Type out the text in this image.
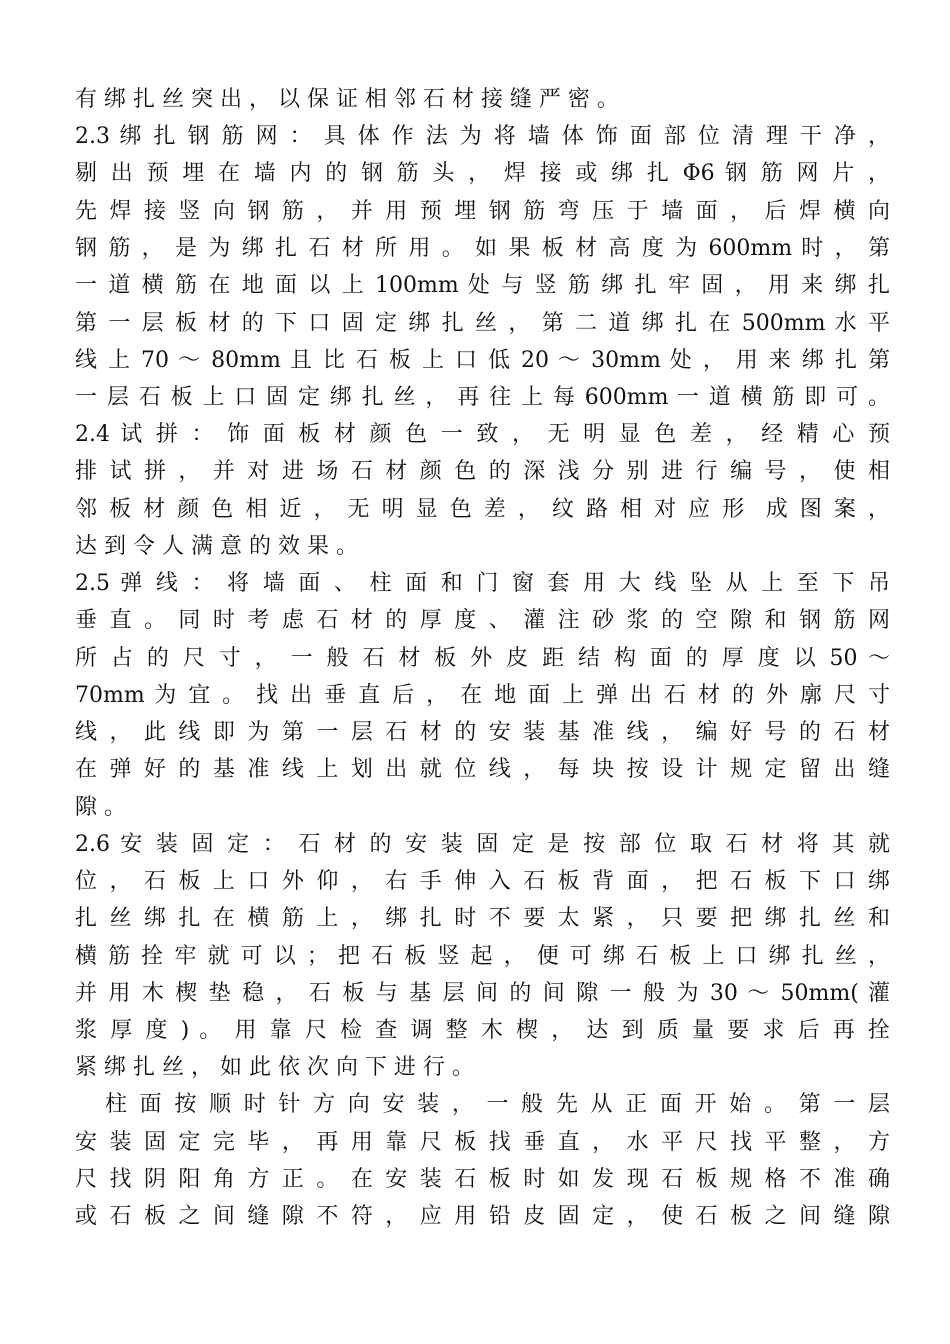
有 绑 扎 丝 突 出 ， 以 保 证 相 邻 石 材 接 缝 严 密 。
2.3 绑 扎 钢 筋 网 ： 具 体 作 法 为 将 墙 体 饰 面 部 位 清 理 干 净 ，
剔 出 预 埋 在 墙 内 的 钢 筋 头 ， 焊 接 或 绑 扎 Φ6 钢 筋 网 片 ，
先 焊 接 竖 向 钢 筋 ， 并 用 预 埋 钢 筋 弯 压 于 墙 面 ， 后 焊 横 向
钢 筋 ， 是 为 绑 扎 石 材 所 用 。 如 果 板 材 高 度 为 600mm 时 ， 第
一 道 横 筋 在 地 面 以 上 100mm 处 与 竖 筋 绑 扎 牢 固 ， 用 来 绑 扎
第 一 层 板 材 的 下 口 固 定 绑 扎 丝 ， 第 二 道 绑 扎 在 500mm 水 平
线 上 70 ～ 80mm 且 比 石 板 上 口 低 20 ～ 30mm 处 ， 用 来 绑 扎 第
一 层 石 板 上 口 固 定 绑 扎 丝 ， 再 往 上 每 600mm 一 道 横 筋 即 可 。
2.4 试 拼 ： 饰 面 板 材 颜 色 一 致 ， 无 明 显 色 差 ， 经 精 心 预
排 试 拼 ， 并 对 进 场 石 材 颜 色 的 深 浅 分 别 进 行 编 号 ， 使 相
邻 板 材 颜 色 相 近 ， 无 明 显 色 差 ， 纹 路 相 对 应 形  成 图 案 ，
达 到 令 人 满 意 的 效 果 。
2.5 弹 线 ： 将 墙 面 、 柱 面 和 门 窗 套 用 大 线 坠 从 上 至 下 吊
垂 直 。 同 时 考 虑 石 材 的 厚 度 、 灌 注 砂 浆 的 空 隙 和 钢 筋 网
所 占 的 尺 寸 ， 一 般 石 材 板 外 皮 距 结 构 面 的 厚 度 以 50 ～
70mm 为 宜 。 找 出 垂 直 后 ， 在 地 面 上 弹 出 石 材 的 外 廓 尺 寸
线 ， 此 线 即 为 第 一 层 石 材 的 安 装 基 准 线 ， 编 好 号 的 石 材
在 弹 好 的 基 准 线 上 划 出 就 位 线 ， 每 块 按 设 计 规 定 留 出 缝
隙 。
2.6 安 装 固 定 ： 石 材 的 安 装 固 定 是 按 部 位 取 石 材 将 其 就
位 ， 石 板 上 口 外 仰 ， 右 手 伸 入 石 板 背 面 ， 把 石 板 下 口 绑
扎 丝 绑 扎 在 横 筋 上 ， 绑 扎 时 不 要 太 紧 ， 只 要 把 绑 扎 丝 和
横 筋 拴 牢 就 可 以 ； 把 石 板 竖 起 ， 便 可 绑 石 板 上 口 绑 扎 丝 ，
并 用 木 楔 垫 稳 ， 石 板 与 基 层 间 的 间 隙 一 般 为 30 ～ 50mm( 灌
浆 厚 度 ) 。 用 靠 尺 检 查 调 整 木 楔 ， 达 到 质 量 要 求 后 再 拴
紧 绑 扎 丝 ， 如 此 依 次 向 下 进 行 。
柱 面 按 顺 时 针 方 向 安 装 ， 一 般 先 从 正 面 开 始 。 第 一 层
安 装 固 定 完 毕 ， 再 用 靠 尺 板 找 垂 直 ， 水 平 尺 找 平 整 ， 方
尺 找 阴 阳 角 方 正 。 在 安 装 石 板 时 如 发 现 石 板 规 格 不 准 确
或 石 板 之 间 缝 隙 不 符 ， 应 用 铅 皮 固 定 ， 使 石 板 之 间 缝 隙
